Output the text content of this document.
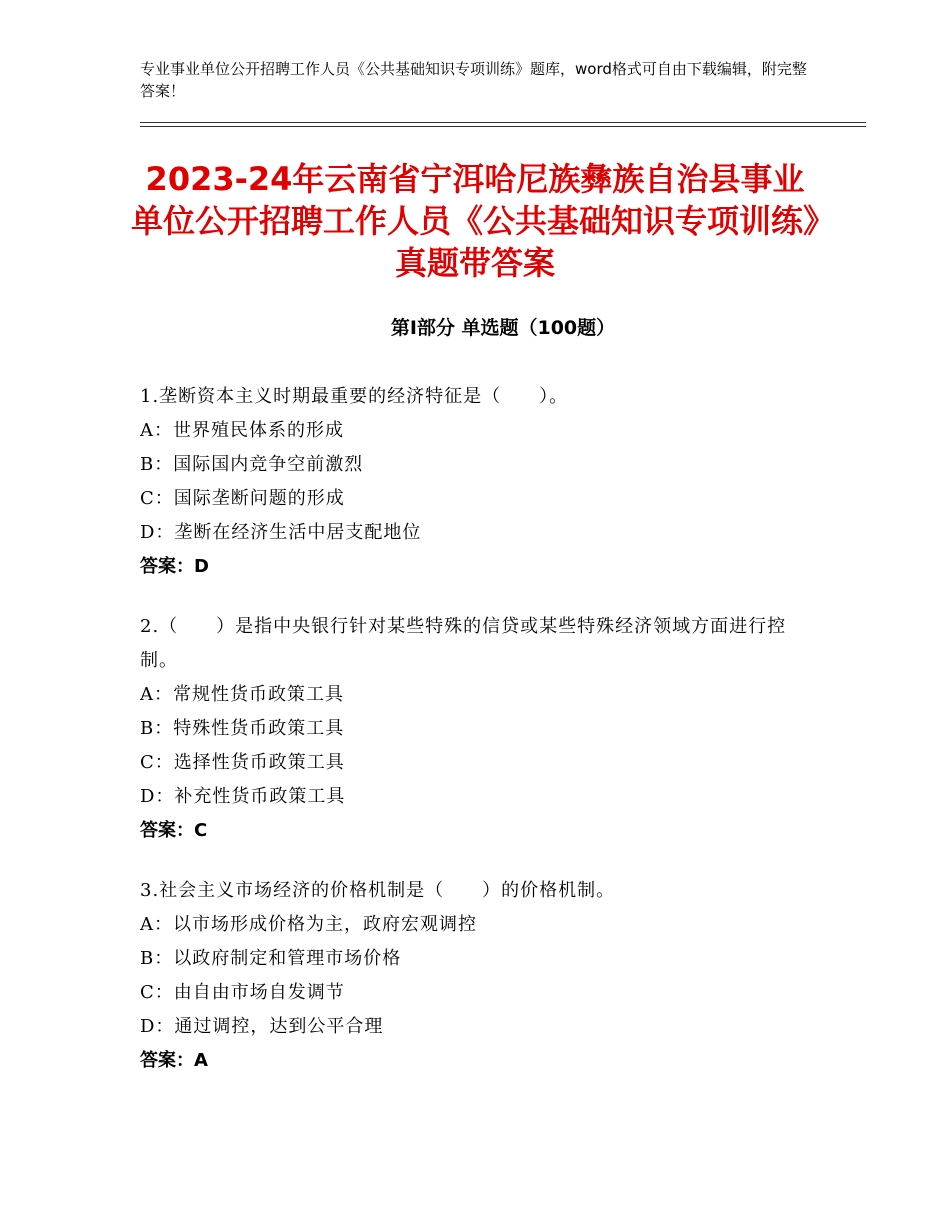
专业事业单位公开招聘工作人员《公共基础知识专项训练》题库，word格式可自由下载编辑，附完整答案！
2023-24年云南省宁洱哈尼族彝族自治县事业单位公开招聘工作人员《公共基础知识专项训练》真题带答案
第I部分 单选题（100题）

1.垄断资本主义时期最重要的经济特征是（　　）。

A：世界殖民体系的形成

B：国际国内竞争空前激烈

C：国际垄断问题的形成

D：垄断在经济生活中居支配地位

答案：D

2.（　　）是指中央银行针对某些特殊的信贷或某些特殊经济领域方面进行控制。

A：常规性货币政策工具

B：特殊性货币政策工具

C：选择性货币政策工具

D：补充性货币政策工具

答案：C

3.社会主义市场经济的价格机制是（　　）的价格机制。

A：以市场形成价格为主，政府宏观调控

B：以政府制定和管理市场价格

C：由自由市场自发调节

D：通过调控，达到公平合理

答案：A
